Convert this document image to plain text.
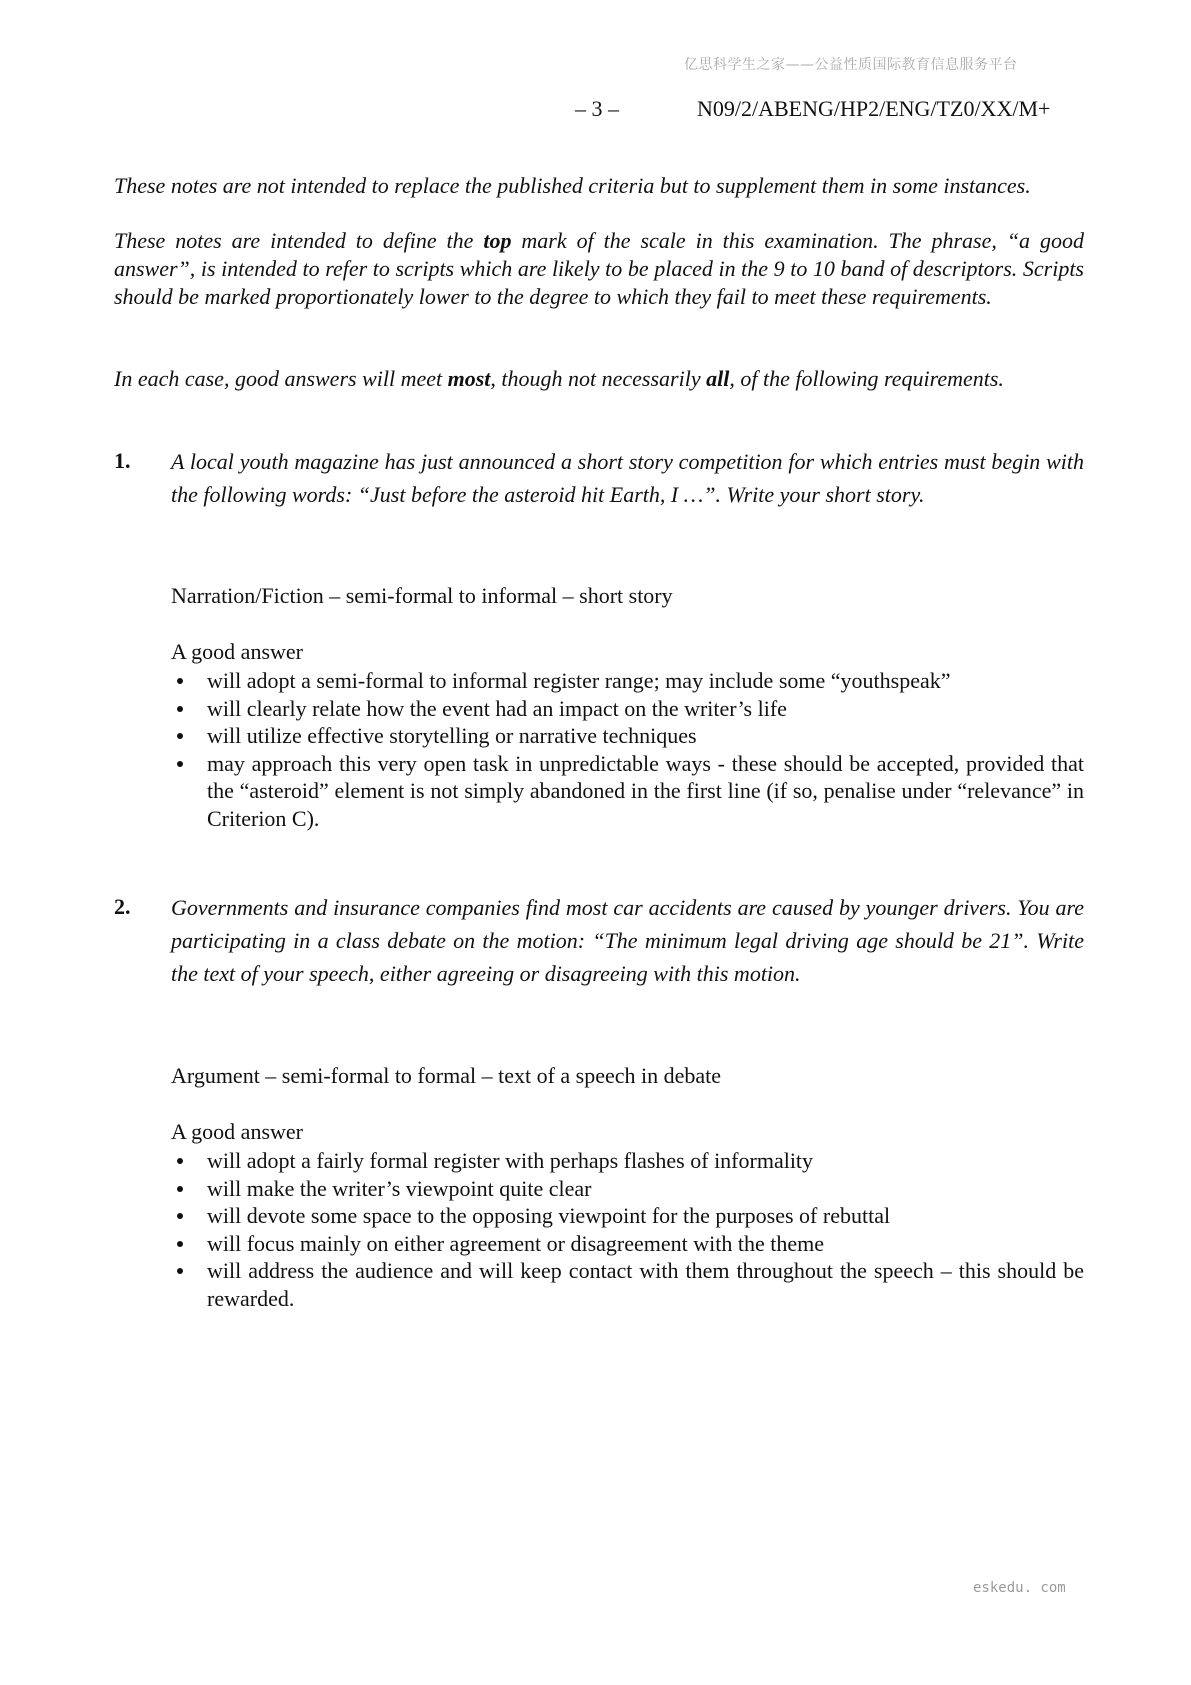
亿思科学生之家——公益性质国际教育信息服务平台
– 3 –	N09/2/ABENG/HP2/ENG/TZ0/XX/M+

These notes are not intended to replace the published criteria but to supplement them in some instances.

These notes are intended to define the top mark of the scale in this examination. The phrase, “a good answer”, is intended to refer to scripts which are likely to be placed in the 9 to 10 band of descriptors. Scripts should be marked proportionately lower to the degree to which they fail to meet these requirements.

In each case, good answers will meet most, though not necessarily all, of the following requirements.

1. A local youth magazine has just announced a short story competition for which entries must begin with the following words: “Just before the asteroid hit Earth, I …”. Write your short story.

Narration/Fiction – semi-formal to informal – short story
A good answer
will adopt a semi-formal to informal register range; may include some “youthspeak”
will clearly relate how the event had an impact on the writer’s life
will utilize effective storytelling or narrative techniques
may approach this very open task in unpredictable ways - these should be accepted, provided that the “asteroid” element is not simply abandoned in the first line (if so, penalise under “relevance” in Criterion C).
2. Governments and insurance companies find most car accidents are caused by younger drivers. You are participating in a class debate on the motion: “The minimum legal driving age should be 21”. Write the text of your speech, either agreeing or disagreeing with this motion.

Argument – semi-formal to formal – text of a speech in debate
A good answer
will adopt a fairly formal register with perhaps flashes of informality
will make the writer’s viewpoint quite clear
will devote some space to the opposing viewpoint for the purposes of rebuttal
will focus mainly on either agreement or disagreement with the theme
will address the audience and will keep contact with them throughout the speech – this should be rewarded.
eskedu. com
